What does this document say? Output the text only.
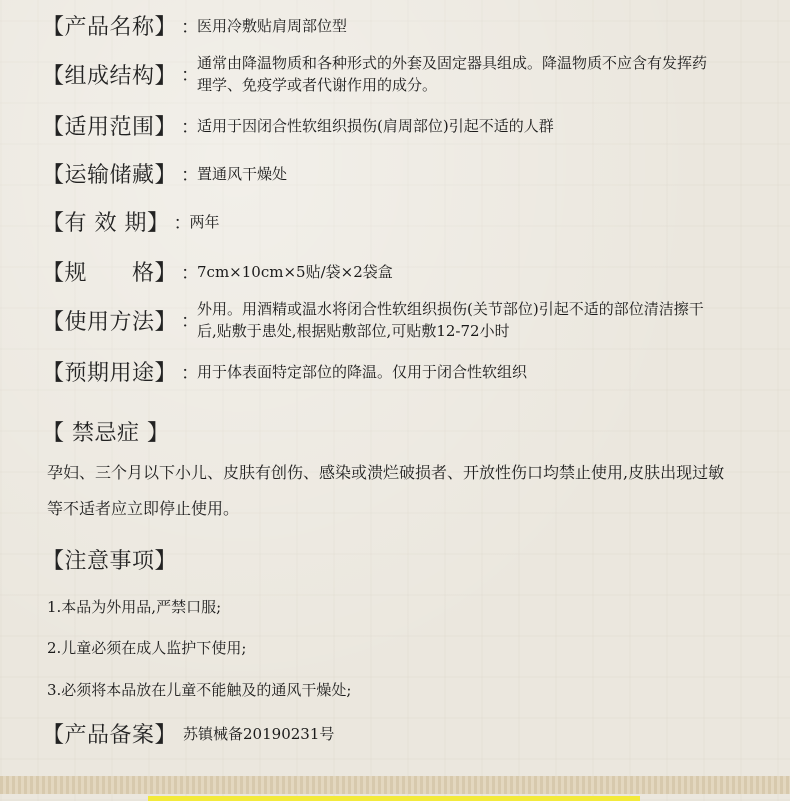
【产品名称】 ：
医用冷敷贴肩周部位型
【组成结构】 ：
通常由降温物质和各种形式的外套及固定器具组成。降温物质不应含有发挥药理学、免疫学或者代谢作用的成分。
【适用范围】 ：
适用于因闭合性软组织损伤(肩周部位)引起不适的人群
【运输储藏】 ：
置通风干燥处
【有 效 期】 ：
两年
【规　　格】 ：
7cm×10cm×5贴/袋×2袋盒
【使用方法】 ：
外用。用酒精或温水将闭合性软组织损伤(关节部位)引起不适的部位清洁擦干后,贴敷于患处,根据贴敷部位,可贴敷12-72小时
【预期用途】 ：
用于体表面特定部位的降温。仅用于闭合性软组织
【 禁忌症 】
孕妇、三个月以下小儿、皮肤有创伤、感染或溃烂破损者、开放性伤口均禁止使用,皮肤出现过敏等不适者应立即停止使用。
【注意事项】
1.本品为外用品,严禁口服;
2.儿童必须在成人监护下使用;
3.必须将本品放在儿童不能触及的通风干燥处;
【产品备案】 苏镇械备20190231号
